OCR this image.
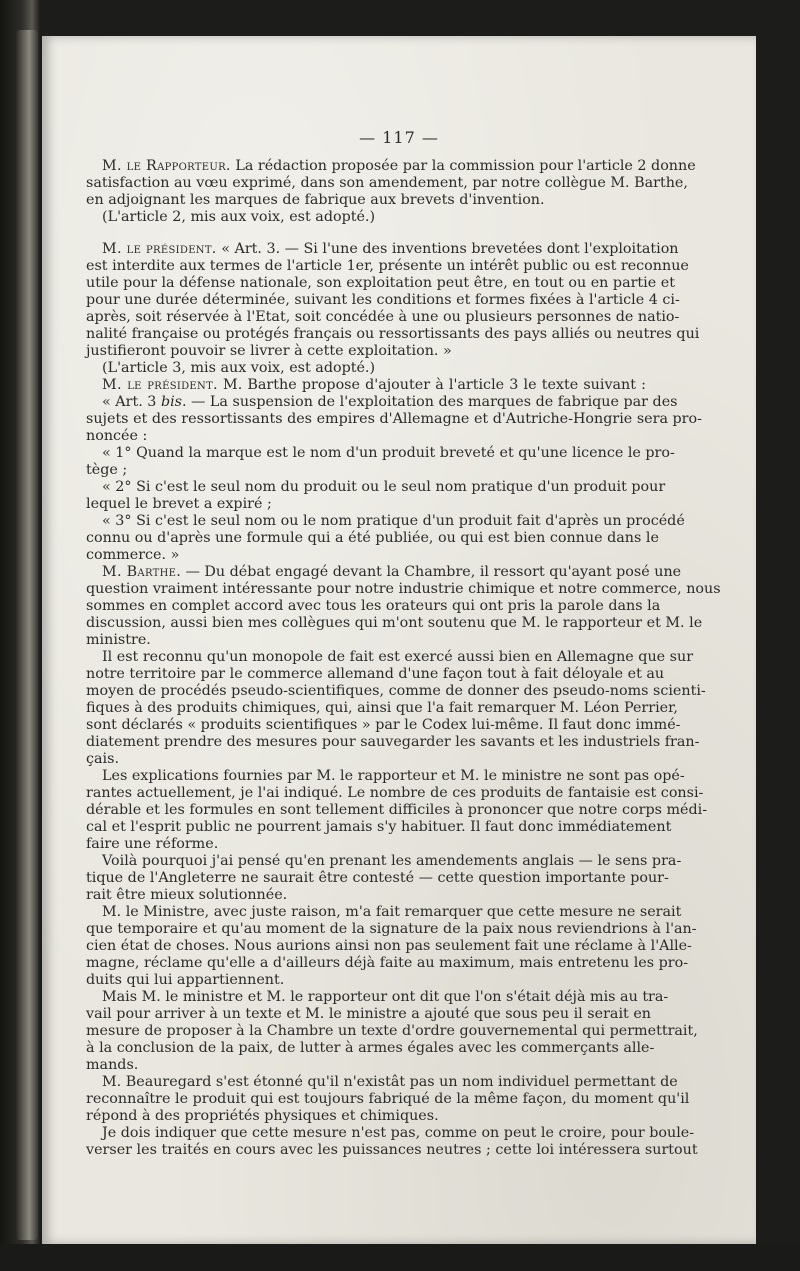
— 117 —
M. le Rapporteur. La rédaction proposée par la commission pour l'article 2 donne
satisfaction au vœu exprimé, dans son amendement, par notre collègue M. Barthe,
en adjoignant les marques de fabrique aux brevets d'invention.
(L'article 2, mis aux voix, est adopté.)
M. le président. « Art. 3. — Si l'une des inventions brevetées dont l'exploitation
est interdite aux termes de l'article 1er, présente un intérêt public ou est reconnue
utile pour la défense nationale, son exploitation peut être, en tout ou en partie et
pour une durée déterminée, suivant les conditions et formes fixées à l'article 4 ci-
après, soit réservée à l'Etat, soit concédée à une ou plusieurs personnes de natio-
nalité française ou protégés français ou ressortissants des pays alliés ou neutres qui
justifieront pouvoir se livrer à cette exploitation. »
(L'article 3, mis aux voix, est adopté.)
M. le président. M. Barthe propose d'ajouter à l'article 3 le texte suivant :
« Art. 3 bis. — La suspension de l'exploitation des marques de fabrique par des
sujets et des ressortissants des empires d'Allemagne et d'Autriche-Hongrie sera pro-
noncée :
« 1° Quand la marque est le nom d'un produit breveté et qu'une licence le pro-
tège ;
« 2° Si c'est le seul nom du produit ou le seul nom pratique d'un produit pour
lequel le brevet a expiré ;
« 3° Si c'est le seul nom ou le nom pratique d'un produit fait d'après un procédé
connu ou d'après une formule qui a été publiée, ou qui est bien connue dans le
commerce. »
M. Barthe. — Du débat engagé devant la Chambre, il ressort qu'ayant posé une
question vraiment intéressante pour notre industrie chimique et notre commerce, nous
sommes en complet accord avec tous les orateurs qui ont pris la parole dans la
discussion, aussi bien mes collègues qui m'ont soutenu que M. le rapporteur et M. le
ministre.
Il est reconnu qu'un monopole de fait est exercé aussi bien en Allemagne que sur
notre territoire par le commerce allemand d'une façon tout à fait déloyale et au
moyen de procédés pseudo-scientifiques, comme de donner des pseudo-noms scienti-
fiques à des produits chimiques, qui, ainsi que l'a fait remarquer M. Léon Perrier,
sont déclarés « produits scientifiques » par le Codex lui-même. Il faut donc immé-
diatement prendre des mesures pour sauvegarder les savants et les industriels fran-
çais.
Les explications fournies par M. le rapporteur et M. le ministre ne sont pas opé-
rantes actuellement, je l'ai indiqué. Le nombre de ces produits de fantaisie est consi-
dérable et les formules en sont tellement difficiles à prononcer que notre corps médi-
cal et l'esprit public ne pourrent jamais s'y habituer. Il faut donc immédiatement
faire une réforme.
Voilà pourquoi j'ai pensé qu'en prenant les amendements anglais — le sens pra-
tique de l'Angleterre ne saurait être contesté — cette question importante pour-
rait être mieux solutionnée.
M. le Ministre, avec juste raison, m'a fait remarquer que cette mesure ne serait
que temporaire et qu'au moment de la signature de la paix nous reviendrions à l'an-
cien état de choses. Nous aurions ainsi non pas seulement fait une réclame à l'Alle-
magne, réclame qu'elle a d'ailleurs déjà faite au maximum, mais entretenu les pro-
duits qui lui appartiennent.
Mais M. le ministre et M. le rapporteur ont dit que l'on s'était déjà mis au tra-
vail pour arriver à un texte et M. le ministre a ajouté que sous peu il serait en
mesure de proposer à la Chambre un texte d'ordre gouvernemental qui permettrait,
à la conclusion de la paix, de lutter à armes égales avec les commerçants alle-
mands.
M. Beauregard s'est étonné qu'il n'existât pas un nom individuel permettant de
reconnaître le produit qui est toujours fabriqué de la même façon, du moment qu'il
répond à des propriétés physiques et chimiques.
Je dois indiquer que cette mesure n'est pas, comme on peut le croire, pour boule-
verser les traités en cours avec les puissances neutres ; cette loi intéressera surtout
